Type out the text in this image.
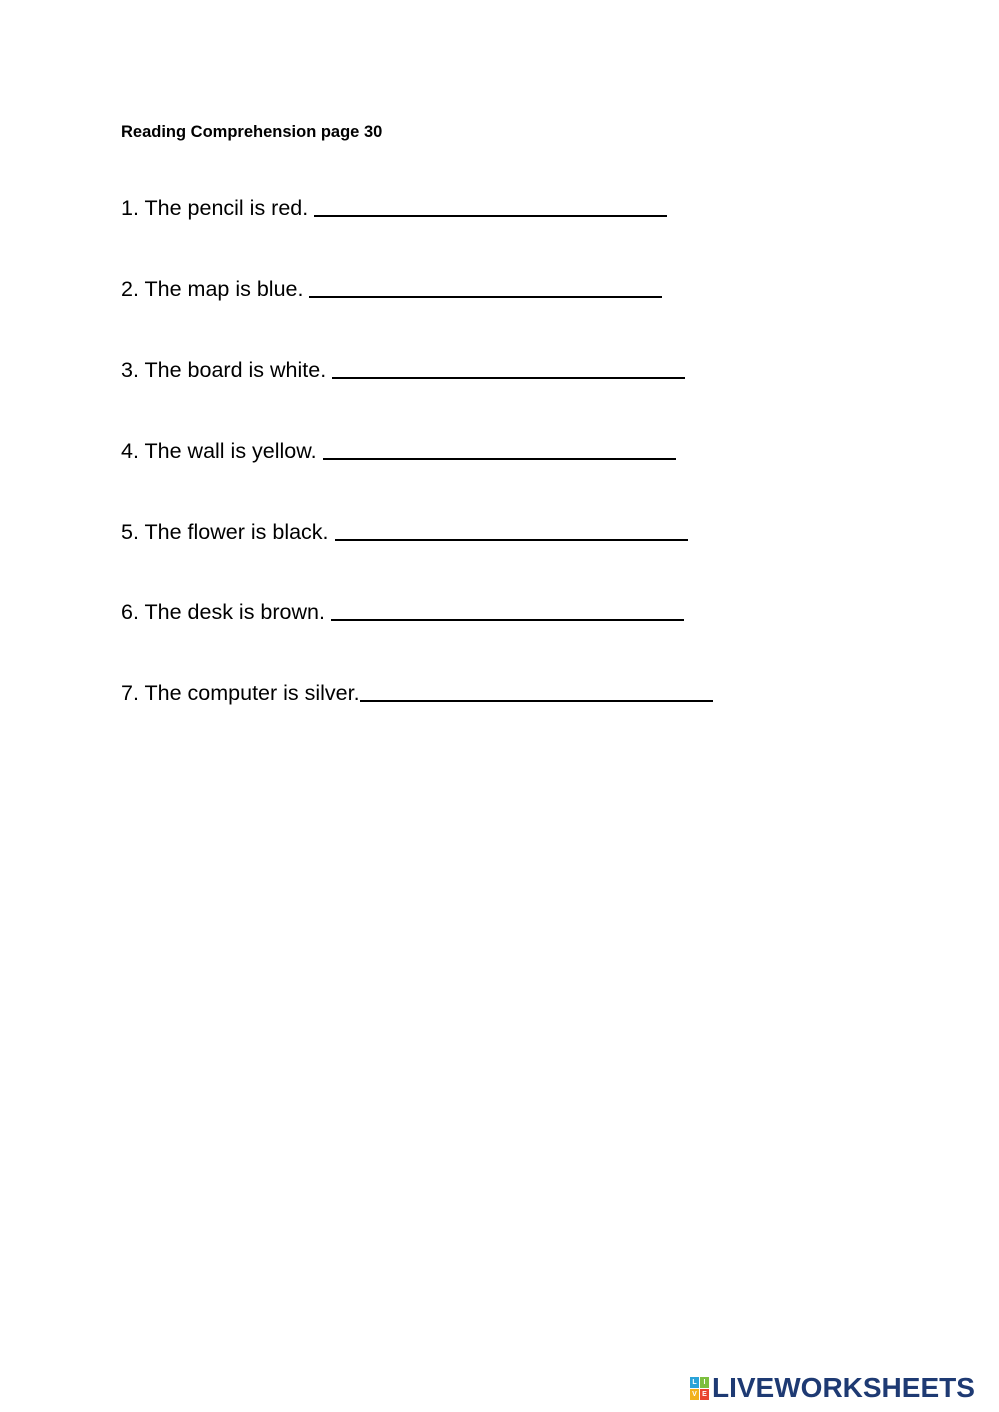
Reading Comprehension page 30
1. The pencil is red.
2. The map is blue.
3. The board is white.
4. The wall is yellow.
5. The flower is black.
6. The desk is brown.
7. The computer is silver.
L I
V E LIVEWORKSHEETS
